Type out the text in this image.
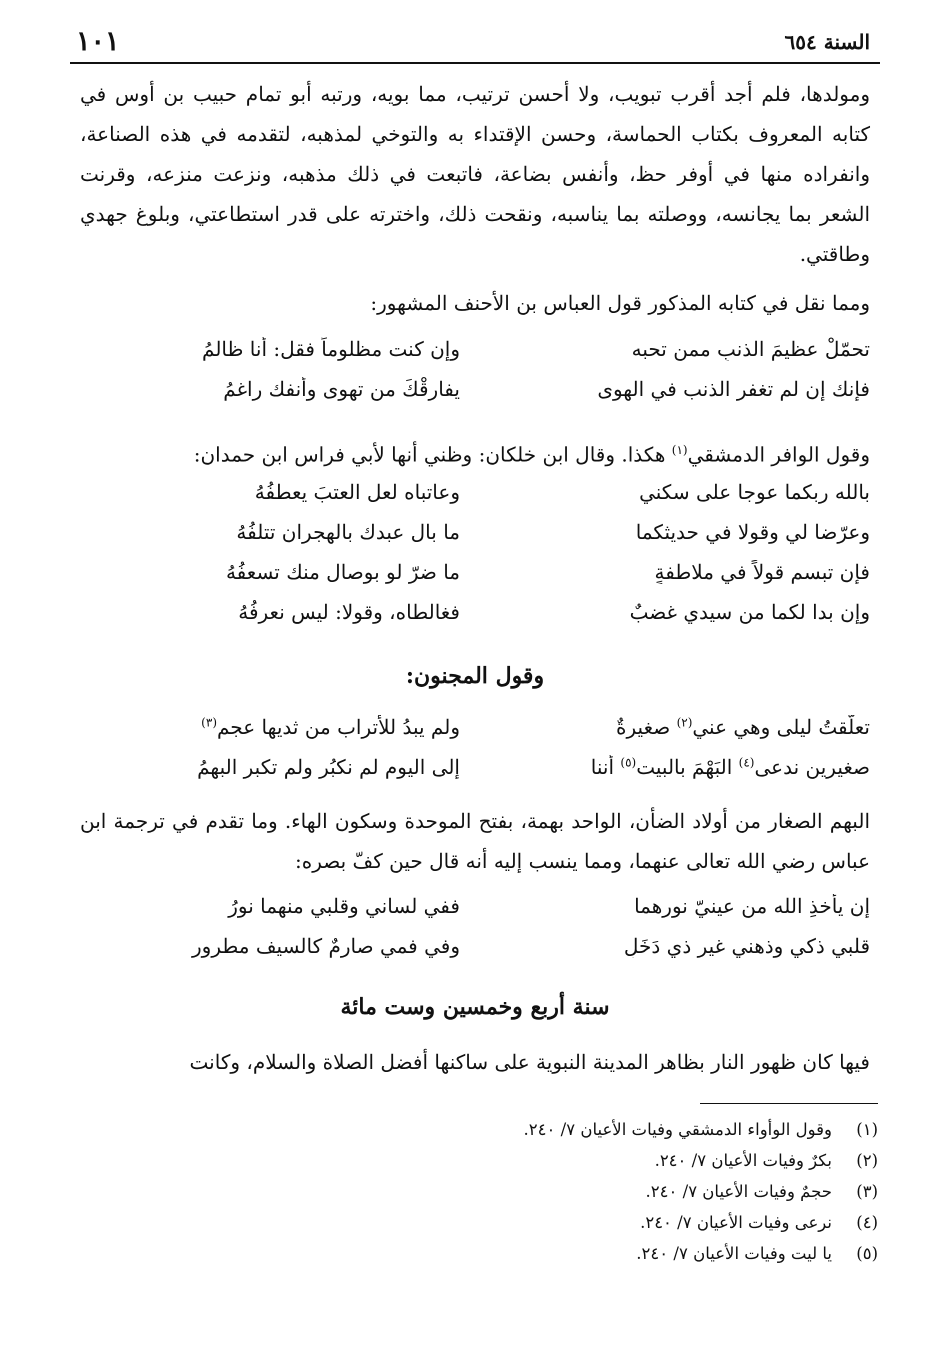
السنة ٦٥٤
١٠١

ومولدها، فلم أجد أقرب تبويب، ولا أحسن ترتيب، مما بويه، ورتبه أبو تمام حبيب بن أوس في كتابه المعروف بكتاب الحماسة، وحسن الإقتداء به والتوخي لمذهبه، لتقدمه في هذه الصناعة، وانفراده منها في أوفر حظ، وأنفس بضاعة، فاتبعت في ذلك مذهبه، ونزعت منزعه، وقرنت الشعر بما يجانسه، ووصلته بما يناسبه، ونقحت ذلك، واخترته على قدر استطاعتي، وبلوغ جهدي وطاقتي.

ومما نقل في كتابه المذكور قول العباس بن الأحنف المشهور:
تحمّلْ عظيمَ الذنبِ ممن تحبه
وإن كنت مظلوماً فقل: أنا ظالمُ
فإنك إن لم تغفر الذنب في الهوى
يفارقْكَ من تهوى وأنفك راغمُ
وقول الوافر الدمشقي$^{(١)}$ هكذا. وقال ابن خلكان: وظني أنها لأبي فراس ابن حمدان:
بالله ربكما عوجا على سكني
وعاتباه لعل العتبَ يعطفُهُ
وعرّضا لي وقولا في حديثكما
ما بال عبدك بالهجران تتلفُهُ
فإن تبسم قولاً في ملاطفةٍ
ما ضرّ لو بوصال منك تسعفُهُ
وإن بدا لكما من سيدي غضبٌ
فغالطاه، وقولا: ليس نعرفُهُ
وقول المجنون:
تعلّقتُ ليلى وهي عني$^{(٢)}$ صغيرةٌ
ولم يبدُ للأتراب من ثديها عجم$^{(٣)}$
صغيرين ندعى$^{(٤)}$ البَهْمَ بالبيت$^{(٥)}$ أننا
إلى اليوم لم نكبُر ولم تكبرِ البهمُ

البهم الصغار من أولاد الضأن، الواحد بهمة، بفتح الموحدة وسكون الهاء. وما تقدم في ترجمة ابن عباس رضي الله تعالى عنهما، ومما ينسب إليه أنه قال حين كفّ بصره:

إن يأخذِ الله من عينيّ نورهما
ففي لساني وقلبي منهما نورُ
قلبي ذكي وذهني غير ذي دَخَلٍ
وفي فمي صارمٌ كالسيف مطرور
سنة أربع وخمسين وست مائة

فيها كان ظهور النار بظاهر المدينة النبوية على ساكنها أفضل الصلاة والسلام، وكانت

(١)
وقول الوأواء الدمشقي وفيات الأعيان ٧/ ٢٤٠.
(٢)
بكرٌ وفيات الأعيان ٧/ ٢٤٠.
(٣)
حجمٌ وفيات الأعيان ٧/ ٢٤٠.
(٤)
نرعى وفيات الأعيان ٧/ ٢٤٠.
(٥)
يا ليت وفيات الأعيان ٧/ ٢٤٠.
